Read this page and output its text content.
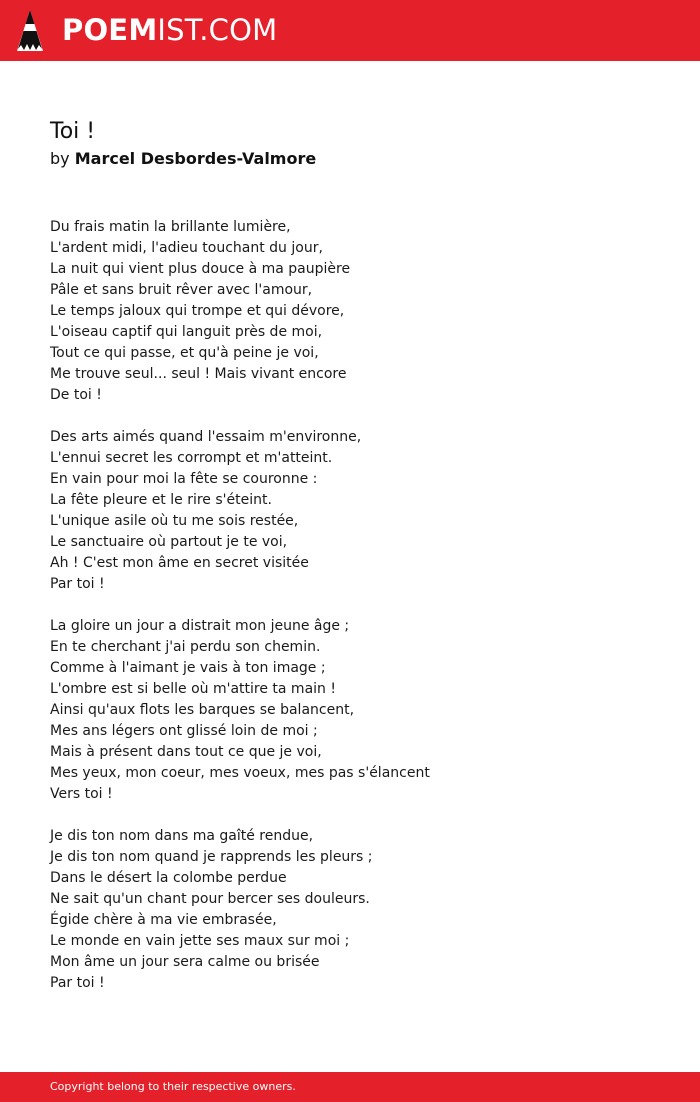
POEMIST.COM
Toi !
by Marcel Desbordes-Valmore
Du frais matin la brillante lumière,
L'ardent midi, l'adieu touchant du jour,
La nuit qui vient plus douce à ma paupière
Pâle et sans bruit rêver avec l'amour,
Le temps jaloux qui trompe et qui dévore,
L'oiseau captif qui languit près de moi,
Tout ce qui passe, et qu'à peine je voi,
Me trouve seul... seul ! Mais vivant encore
De toi !
Des arts aimés quand l'essaim m'environne,
L'ennui secret les corrompt et m'atteint.
En vain pour moi la fête se couronne :
La fête pleure et le rire s'éteint.
L'unique asile où tu me sois restée,
Le sanctuaire où partout je te voi,
Ah ! C'est mon âme en secret visitée
Par toi !
La gloire un jour a distrait mon jeune âge ;
En te cherchant j'ai perdu son chemin.
Comme à l'aimant je vais à ton image ;
L'ombre est si belle où m'attire ta main !
Ainsi qu'aux flots les barques se balancent,
Mes ans légers ont glissé loin de moi ;
Mais à présent dans tout ce que je voi,
Mes yeux, mon coeur, mes voeux, mes pas s'élancent
Vers toi !
Je dis ton nom dans ma gaîté rendue,
Je dis ton nom quand je rapprends les pleurs ;
Dans le désert la colombe perdue
Ne sait qu'un chant pour bercer ses douleurs.
Égide chère à ma vie embrasée,
Le monde en vain jette ses maux sur moi ;
Mon âme un jour sera calme ou brisée
Par toi !
Copyright belong to their respective owners.
